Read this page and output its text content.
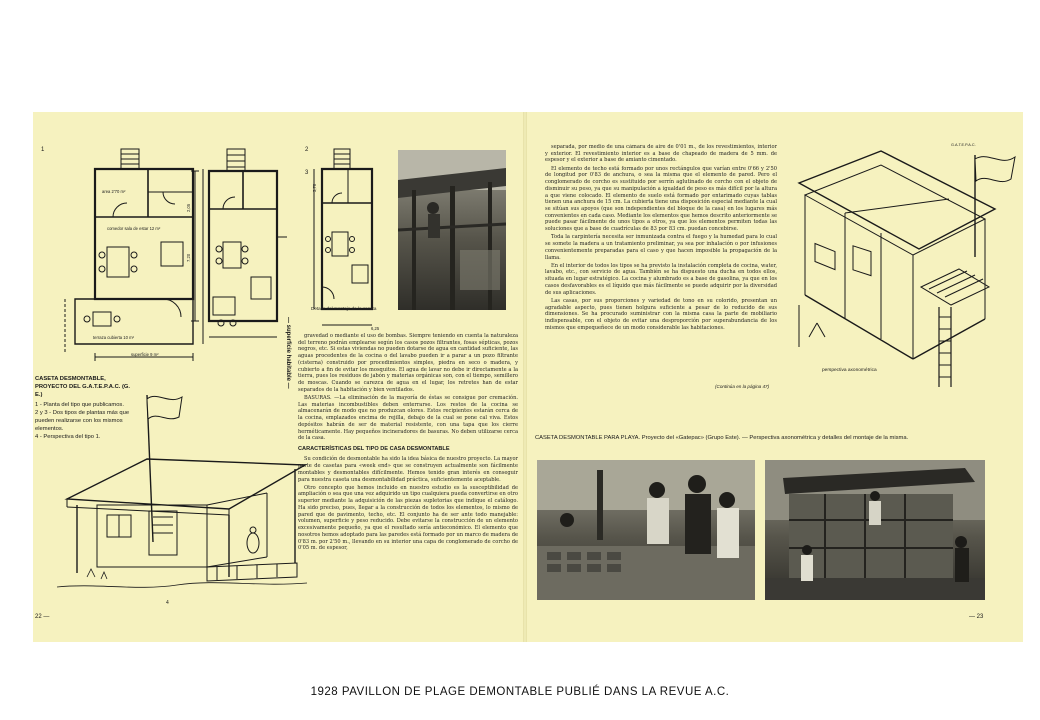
1	2
3
area 2'70 m²
comedor sala de estar 12 m²
terraza cubierta 10 m²
superficie 9 m²
2,05
7,20
3,70
6,25
— superficie habitable —
Detalle del montaje de la caseta
CASETA DESMONTABLE, PROYECTO DEL G.A.T.E.P.A.C. (G. E.)
1 - Planta del tipo que publicamos.
2 y 3 - Dos tipos de plantas más que pueden realizarse con los mismos elementos.
4 - Perspectiva del tipo 1.
4

gravedad o mediante el uso de bombas. Siempre teniendo en cuenta la naturaleza del terreno podrán emplearse según los casos pozos filtrantes, fosas sépticas, pozos negros, etc. Si estas viviendas no pueden dotarse de agua en cantidad suficiente, las aguas procedentes de la cocina o del lavabo pueden ir a parar a un pozo filtrante (cisterna) construido por procedimientos simples, piedra en seco o madera, y cubierto a fin de evitar los mosquitos. El agua de lavar no debe ir directamente a la tierra, pues los residuos de jabón y materias orgánicas son, con el tiempo, semillero de moscas. Cuando se carezca de agua en el lugar, los retretes han de estar separados de la habitación y bien ventilados.

BASURAS. —La eliminación de la mayoría de éstas se consigue por cremación. Las materias incombustibles deben enterrarse. Los restos de la cocina se almacenarán de modo que no produzcan olores. Estos recipientes estarán cerca de la cocina, emplazados encima de rejilla, debajo de la cual se pone cal viva. Estos depósitos habrán de ser de material resistente, con una tapa que los cierre herméticamente. Hay pequeños incineradores de basuras. No deben utilizarse cerca de la casa.

CARACTERÍSTICAS DEL TIPO DE CASA DESMONTABLE

Su condición de desmontable ha sido la idea básica de nuestro proyecto. La mayor parte de casetas para «week end» que se construyen actualmente son fácilmente montables y desmontables difícilmente. Hemos tenido gran interés en conseguir para nuestra caseta una desmontabilidad práctica, suficientemente aceptable.

Otro concepto que hemos incluido en nuestro estudio es la susceptibilidad de ampliación o sea que una vez adquirido un tipo cualquiera pueda convertirse en otro superior mediante la adquisición de las piezas supletorias que indique el catálogo. Ha sido preciso, pues, llegar a la construcción de todos los elementos, lo mismo de pared que de pavimento, techo, etc. El conjunto ha de ser ante todo manejable: volumen, superficie y peso reducido. Debe evitarse la construcción de un elemento excesivamente pequeño, ya que el resultado sería antieconómico. El elemento que nosotros hemos adoptado para las paredes está formado por un marco de madera de 0'83 m. por 2'50 m., llevando en su interior una capa de conglomerado de corcho de 0'05 m. de espesor,

22 —

separada, por medio de una cámara de aire de 0'01 m., de los revestimientos, interior y exterior. El revestimiento interior es a base de chapeado de madera de 5 mm. de espesor y el exterior a base de amianto cimentado.

El elemento de techo está formado por unos rectángulos que varían entre 0'66 y 2'50 de longitud por 0'83 de anchura, o sea la misma que el elemento de pared. Pero el conglomerado de corcho es sustituido por serrín aglutinado de corcho con el objeto de disminuir su peso, ya que su manipulación a igualdad de peso es más difícil por la altura a que viene colocado. El elemento de suelo está formado por entarimado cuyas tablas tienen una anchura de 15 cm. La cubierta tiene una disposición especial mediante la cual se sitúan sus apoyos (que son independientes del bloque de la casa) en los lugares más convenientes en cada caso. Mediante los elementos que hemos descrito anteriormente se puede pasar fácilmente de unos tipos a otros, ya que los elementos permiten todas las soluciones que a base de cuadrículas de 83 por 83 cm. puedan concebirse.

Toda la carpintería necesita ser inmunizada contra el fuego y la humedad para lo cual se somete la madera a un tratamiento preliminar, ya sea por inhalación o por infusiones convenientemente preparadas para el caso y que hacen imposible la propagación de la llama.

En el interior de todos los tipos se ha previsto la instalación completa de cocina, water, lavabo, etc., con servicio de agua. También se ha dispuesto una ducha en todos ellos, situada en lugar estratégico. La cocina y alumbrado es a base de gasolina, ya que en los casos desfavorables es el líquido que más fácilmente se puede adquirir por la diversidad de sus aplicaciones.

Las casas, por sus proporciones y variedad de tono en su colorido, presentan un agradable aspecto, pues tienen holgura suficiente a pesar de lo reducido de sus dimensiones. Se ha procurado suministrar con la misma casa la parte de mobiliario indispensable, con el objeto de evitar una desproporción por superabundancia de los mismos que empequeñece de un modo considerable las habitaciones.

(Continúa en la página 47)
G.A.T.E.P.A.C.
perspectiva axonométrica
CASETA DESMONTABLE PARA PLAYA. Proyecto del «Gatepac» (Grupo Este). — Perspectiva axonométrica y detalles del montaje de la misma.
— 23
1928 PAVILLON DE PLAGE DEMONTABLE PUBLIÉ DANS LA REVUE A.C.
